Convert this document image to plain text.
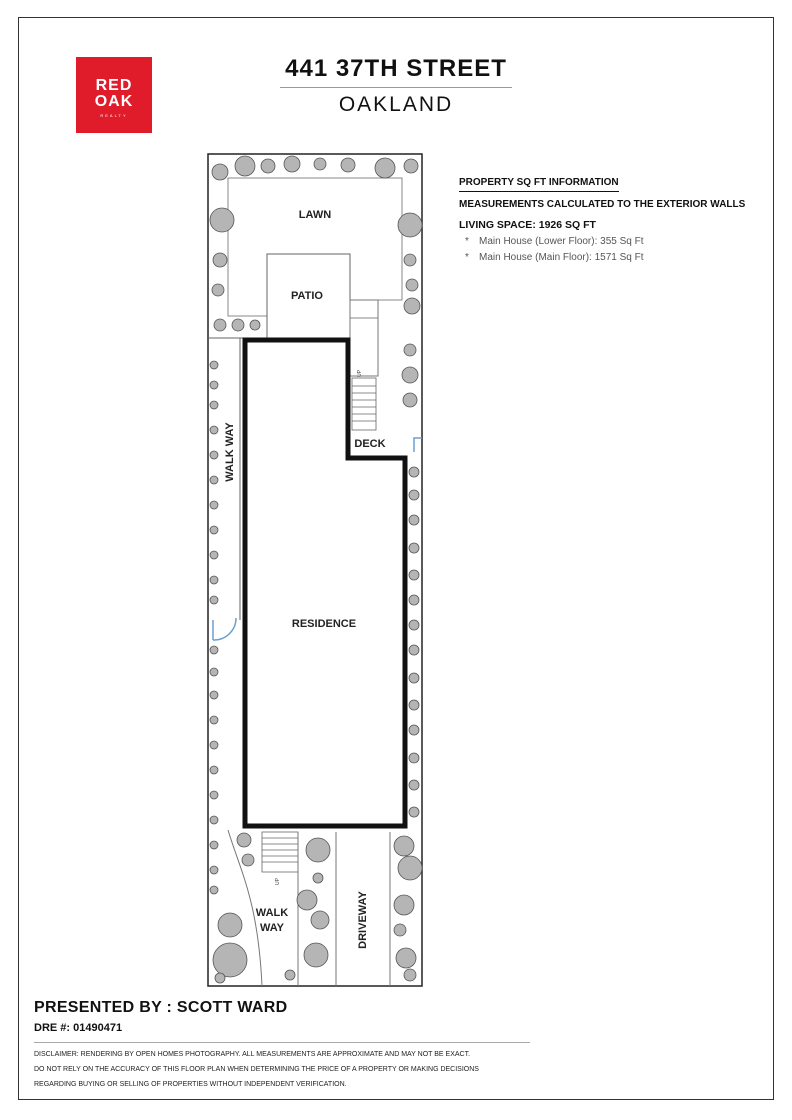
RED
OAK
REALTY
441 37TH STREET
OAKLAND
PROPERTY SQ FT INFORMATION
MEASUREMENTS CALCULATED TO THE EXTERIOR WALLS
LIVING SPACE: 1926 SQ FT
* Main House (Lower Floor): 355 Sq Ft
* Main House (Main Floor): 1571 Sq Ft
LAWN
PATIO
DECK
RESIDENCE
WALK
WAY
WALK WAY
DRIVEWAY
UP
UP
PRESENTED BY : SCOTT WARD
DRE #: 01490471
DISCLAIMER: RENDERING BY OPEN HOMES PHOTOGRAPHY. ALL MEASUREMENTS ARE APPROXIMATE AND MAY NOT BE EXACT.
DO NOT RELY ON THE ACCURACY OF THIS FLOOR PLAN WHEN DETERMINING THE PRICE OF A PROPERTY OR MAKING DECISIONS
REGARDING BUYING OR SELLING OF PROPERTIES WITHOUT INDEPENDENT VERIFICATION.
